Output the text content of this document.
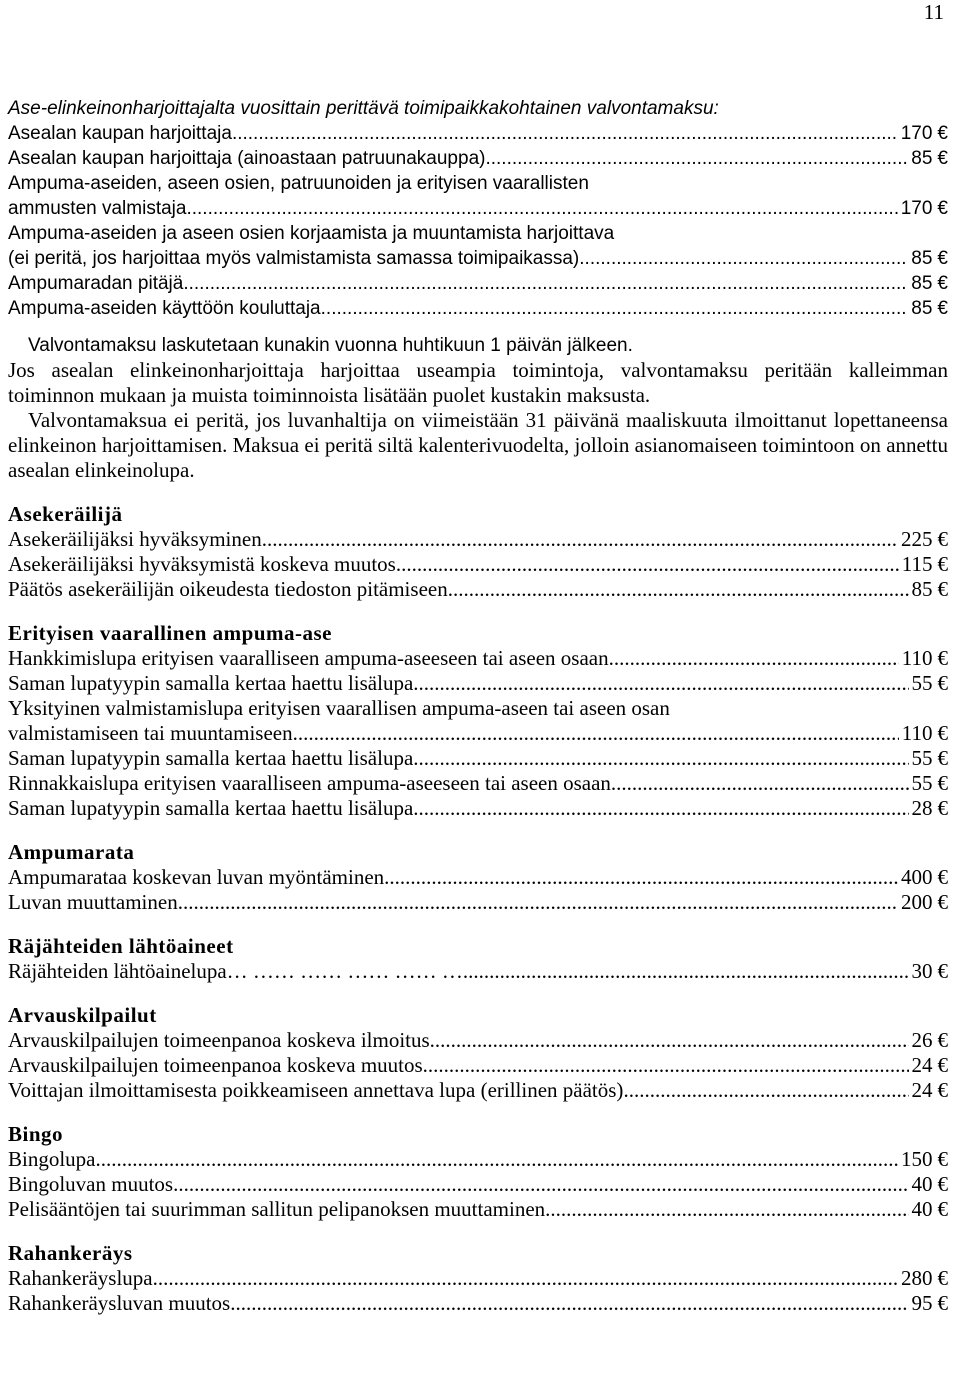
11
Ase-elinkeinonharjoittajalta vuosittain perittävä toimipaikkakohtainen valvontamaksu:
Asealan kaupan harjoittaja .....	170 €
Asealan kaupan harjoittaja (ainoastaan patruunakauppa) .....	85 €
Ampuma-aseiden, aseen osien, patruunoiden ja erityisen vaarallisten
ammusten valmistaja .....	170 €
Ampuma-aseiden ja aseen osien korjaamista ja muuntamista harjoittava
(ei peritä, jos harjoittaa myös valmistamista samassa toimipaikassa) .....	85 €
Ampumaradan pitäjä .....	85 €
Ampuma-aseiden käyttöön kouluttaja .....	85 €

Valvontamaksu laskutetaan kunakin vuonna huhtikuun 1 päivän jälkeen.

Jos asealan elinkeinonharjoittaja harjoittaa useampia toimintoja, valvontamaksu peritään kalleimman toiminnon mukaan ja muista toiminnoista lisätään puolet kustakin maksusta.

Valvontamaksua ei peritä, jos luvanhaltija on viimeistään 31 päivänä maaliskuuta ilmoittanut lopettaneensa elinkeinon harjoittamisen. Maksua ei peritä siltä kalenterivuodelta, jolloin asianomaiseen toimintoon on annettu asealan elinkeinolupa.

Asekeräilijä
Asekeräilijäksi hyväksyminen .....	225 €
Asekeräilijäksi hyväksymistä koskeva muutos .....	115 €
Päätös asekeräilijän oikeudesta tiedoston pitämiseen .....	85 €
Erityisen vaarallinen ampuma-ase
Hankkimislupa erityisen vaaralliseen ampuma-aseeseen tai aseen osaan .....	110 €
Saman lupatyypin samalla kertaa haettu lisälupa .....	55 €
Yksityinen valmistamislupa erityisen vaarallisen ampuma-aseen tai aseen osan
valmistamiseen tai muuntamiseen .....	110 €
Saman lupatyypin samalla kertaa haettu lisälupa .....	55 €
Rinnakkaislupa erityisen vaaralliseen ampuma-aseeseen tai aseen osaan .....	55 €
Saman lupatyypin samalla kertaa haettu lisälupa .....	28 €
Ampumarata
Ampumarataa koskevan luvan myöntäminen .....	400 €
Luvan muuttaminen .....	200 €
Räjähteiden lähtöaineet
Räjähteiden lähtöainelupa… …… …… …… …… … .....	30 €
Arvauskilpailut
Arvauskilpailujen toimeenpanoa koskeva ilmoitus .....	26 €
Arvauskilpailujen toimeenpanoa koskeva muutos .....	24 €
Voittajan ilmoittamisesta poikkeamiseen annettava lupa (erillinen päätös) .....	24 €
Bingo
Bingolupa .....	150 €
Bingoluvan muutos .....	40 €
Pelisääntöjen tai suurimman sallitun pelipanoksen muuttaminen .....	40 €
Rahankeräys
Rahankeräyslupa .....	280 €
Rahankeräysluvan muutos .....	95 €
